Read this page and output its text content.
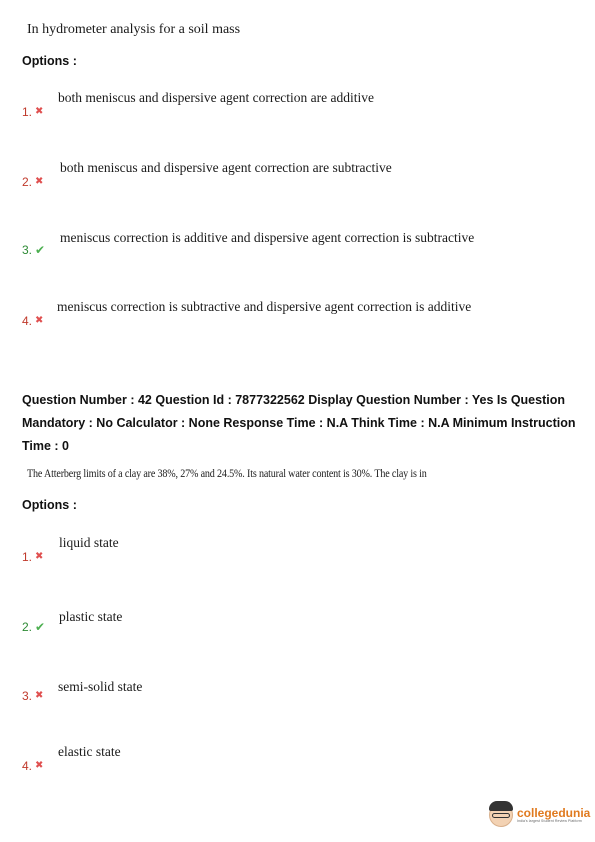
In hydrometer analysis for a soil mass
Options :
1. ✖
both meniscus and dispersive agent correction are additive
2. ✖
both meniscus and dispersive agent correction are subtractive
3. ✔
meniscus correction is additive and dispersive agent correction is subtractive
4. ✖
meniscus correction is subtractive and dispersive agent correction is additive
Question Number : 42 Question Id : 7877322562 Display Question Number : Yes Is Question Mandatory : No Calculator : None Response Time : N.A Think Time : N.A Minimum Instruction Time : 0
The Atterberg limits of a clay are 38%, 27% and 24.5%. Its natural water content is 30%. The clay is in
Options :
1. ✖
liquid state
2. ✔
plastic state
3. ✖
semi-solid state
4. ✖
elastic state
collegedunia
India's largest Student Review Platform
